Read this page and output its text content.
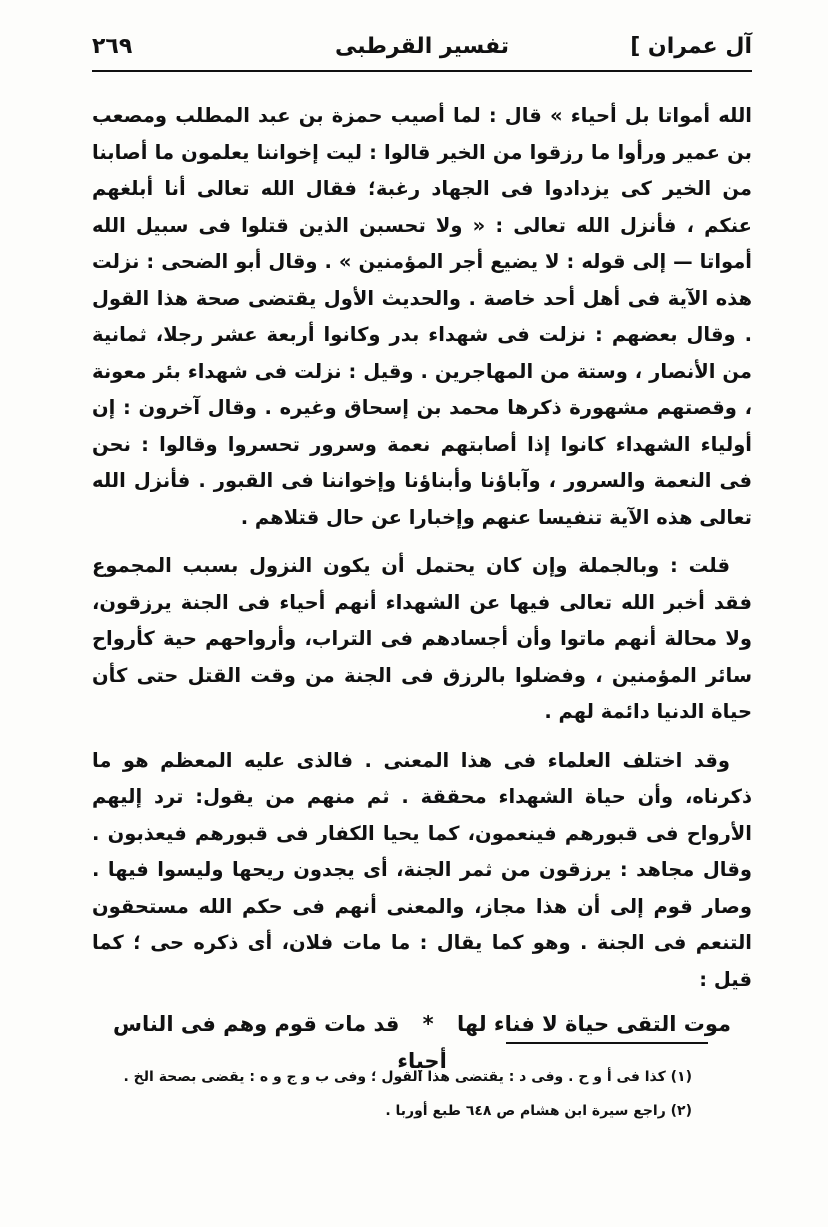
آل عمران ]
تفسير القرطبى
٢٦٩

الله أمواتا بل أحياء » قال : لما أصيب حمزة بن عبد المطلب ومصعب بن عمير ورأوا ما رزقوا من الخير قالوا : ليت إخواننا يعلمون ما أصابنا من الخير كى يزدادوا فى الجهاد رغبة؛ فقال الله تعالى أنا أبلغهم عنكم ، فأنزل الله تعالى : « ولا تحسبن الذين قتلوا فى سبيل الله أمواتا — إلى قوله : لا يضيع أجر المؤمنين » . وقال أبو الضحى : نزلت هذه الآية فى أهل أحد خاصة . والحديث الأول يقتضى صحة هذا القول . وقال بعضهم : نزلت فى شهداء بدر وكانوا أربعة عشر رجلا، ثمانية من الأنصار ، وستة من المهاجرين . وقيل : نزلت فى شهداء بئر معونة ، وقصتهم مشهورة ذكرها محمد بن إسحاق وغيره . وقال آخرون : إن أولياء الشهداء كانوا إذا أصابتهم نعمة وسرور تحسروا وقالوا : نحن فى النعمة والسرور ، وآباؤنا وأبناؤنا وإخواننا فى القبور . فأنزل الله تعالى هذه الآية تنفيسا عنهم وإخبارا عن حال قتلاهم .

قلت : وبالجملة وإن كان يحتمل أن يكون النزول بسبب المجموع فقد أخبر الله تعالى فيها عن الشهداء أنهم أحياء فى الجنة يرزقون، ولا محالة أنهم ماتوا وأن أجسادهم فى التراب، وأرواحهم حية كأرواح سائر المؤمنين ، وفضلوا بالرزق فى الجنة من وقت القتل حتى كأن حياة الدنيا دائمة لهم .

وقد اختلف العلماء فى هذا المعنى . فالذى عليه المعظم هو ما ذكرناه، وأن حياة الشهداء محققة . ثم منهم من يقول: ترد إليهم الأرواح فى قبورهم فينعمون، كما يحيا الكفار فى قبورهم فيعذبون . وقال مجاهد : يرزقون من ثمر الجنة، أى يجدون ريحها وليسوا فيها . وصار قوم إلى أن هذا مجاز، والمعنى أنهم فى حكم الله مستحقون التنعم فى الجنة . وهو كما يقال : ما مات فلان، أى ذكره حى ؛ كما قيل :

موت التقى حياة لا فناء لها * قد مات قوم وهم فى الناس أحياء
(١) كذا فى أ و ح . وفى د : يقتضى هذا القول ؛ وفى ب و ج و ه : يقضى بصحة الخ .
(٢) راجع سيرة ابن هشام ص ٦٤٨ طبع أوربا .
